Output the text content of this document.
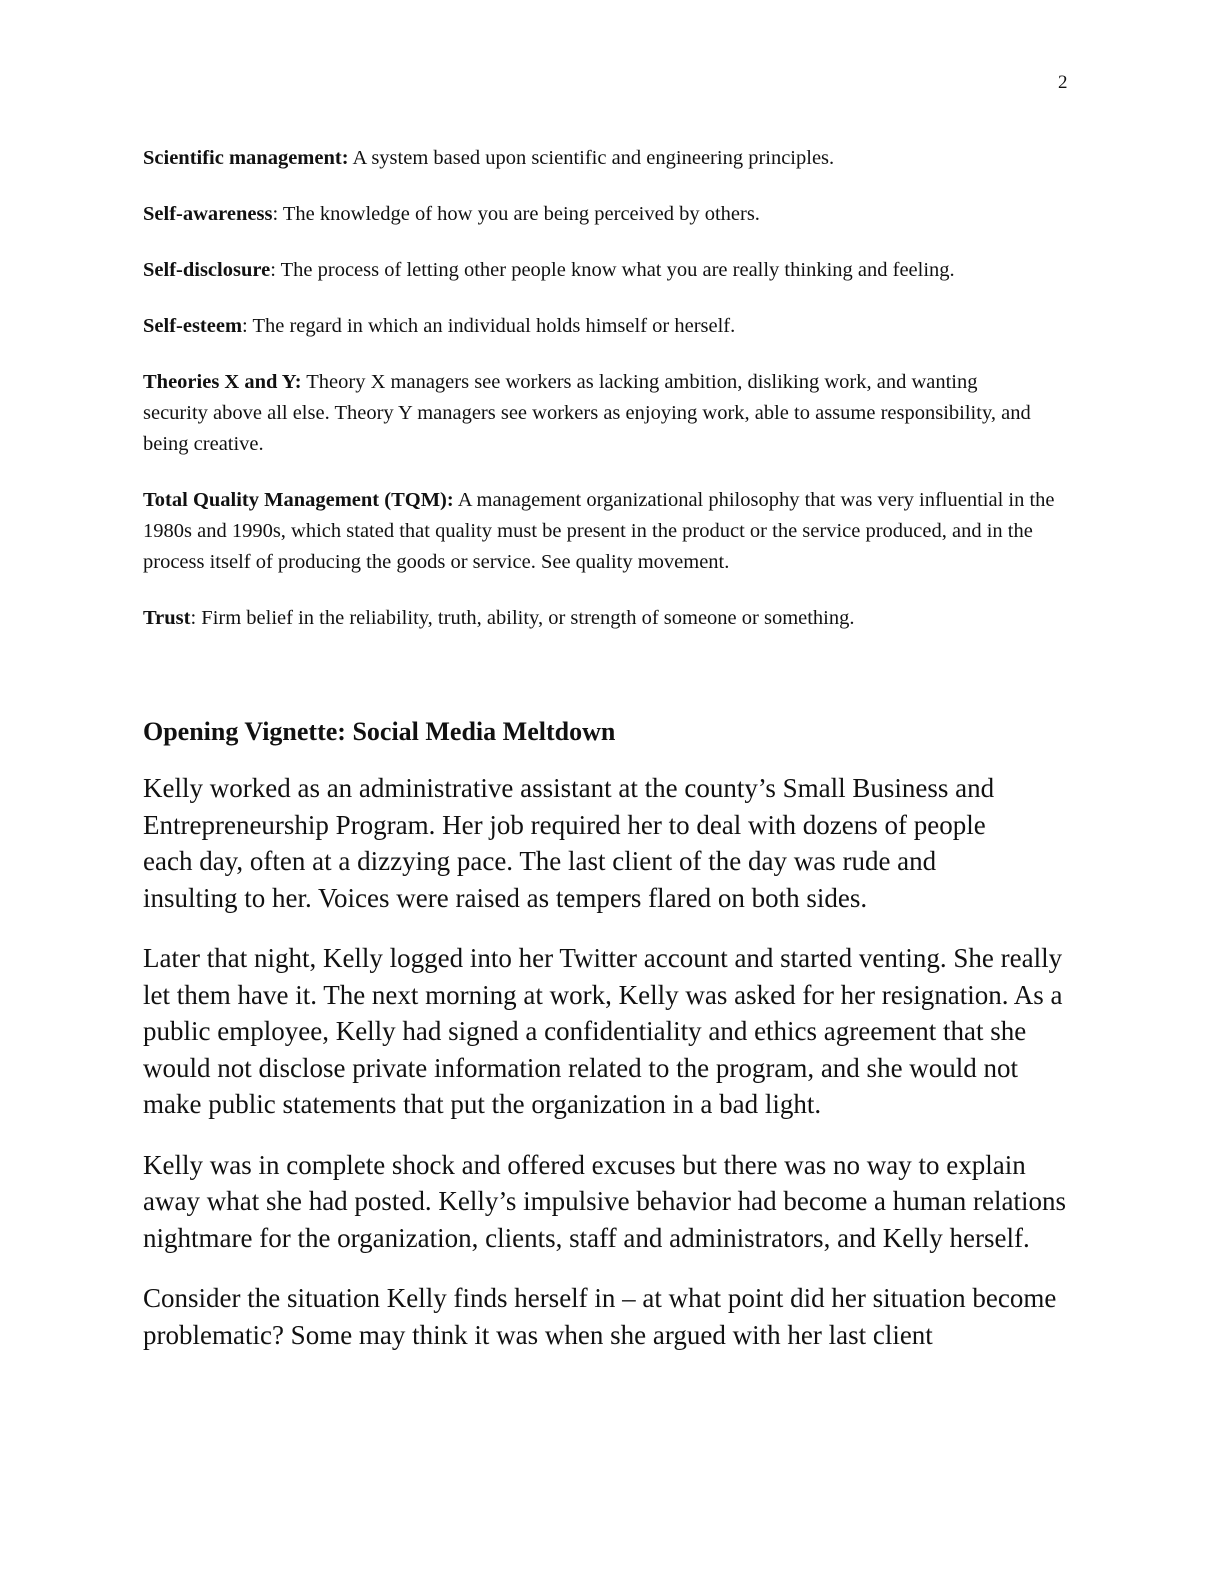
2

Scientific management: A system based upon scientific and engineering principles.

Self-awareness: The knowledge of how you are being perceived by others.

Self-disclosure: The process of letting other people know what you are really thinking and feeling.

Self-esteem: The regard in which an individual holds himself or herself.

Theories X and Y: Theory X managers see workers as lacking ambition, disliking work, and wanting security above all else. Theory Y managers see workers as enjoying work, able to assume responsibility, and being creative.

Total Quality Management (TQM): A management organizational philosophy that was very influential in the 1980s and 1990s, which stated that quality must be present in the product or the service produced, and in the process itself of producing the goods or service. See quality movement.

Trust: Firm belief in the reliability, truth, ability, or strength of someone or something.

Opening Vignette: Social Media Meltdown

Kelly worked as an administrative assistant at the county’s Small Business and Entrepreneurship Program. Her job required her to deal with dozens of people each day, often at a dizzying pace. The last client of the day was rude and insulting to her. Voices were raised as tempers flared on both sides.

Later that night, Kelly logged into her Twitter account and started venting. She really let them have it. The next morning at work, Kelly was asked for her resignation. As a public employee, Kelly had signed a confidentiality and ethics agreement that she would not disclose private information related to the program, and she would not make public statements that put the organization in a bad light.

Kelly was in complete shock and offered excuses but there was no way to explain away what she had posted. Kelly’s impulsive behavior had become a human relations nightmare for the organization, clients, staff and administrators, and Kelly herself.

Consider the situation Kelly finds herself in – at what point did her situation become problematic? Some may think it was when she argued with her last client
